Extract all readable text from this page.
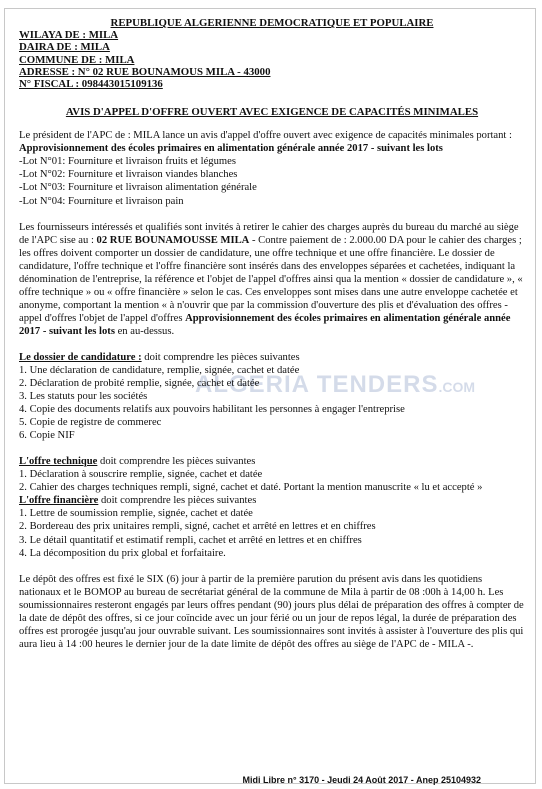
ALGERIA TENDERS.COM
REPUBLIQUE ALGERIENNE DEMOCRATIQUE ET POPULAIRE
WILAYA DE : MILA
DAIRA DE : MILA
COMMUNE DE : MILA
ADRESSE : N° 02 RUE BOUNAMOUS MILA - 43000
N° FISCAL : 098443015109136
AVIS D'APPEL D'OFFRE OUVERT AVEC EXIGENCE DE CAPACITÉS MINIMALES

Le président de l'APC de : MILA lance un avis d'appel d'offre ouvert avec exigence de capacités minimales portant : Approvisionnement des écoles primaires en alimentation générale année 2017 - suivant les lots

-Lot N°01: Fourniture et livraison fruits et légumes
-Lot N°02: Fourniture et livraison viandes blanches
-Lot N°03: Fourniture et livraison alimentation générale
-Lot N°04: Fourniture et livraison pain

Les fournisseurs intéressés et qualifiés sont invités à retirer le cahier des charges auprès du bureau du marché au siège de l'APC sise au : 02 RUE BOUNAMOUSSE MILA - Contre paiement de : 2.000.00 DA pour le cahier des charges ; les offres doivent comporter un dossier de candidature, une offre technique et une offre financière. Le dossier de candidature, l'offre technique et l'offre financière sont insérés dans des enveloppes séparées et cachetées, indiquant la dénomination de l'entreprise, la référence et l'objet de l'appel d'offres ainsi qua la mention « dossier de candidature », « offre technique » ou « offre financière » selon le cas. Ces enveloppes sont mises dans une autre enveloppe cachetée et anonyme, comportant la mention « à n'ouvrir que par la commission d'ouverture des plis et d'évaluation des offres - appel d'offres l'objet de l'appel d'offres Approvisionnement des écoles primaires en alimentation générale année 2017 - suivant les lots en au-dessus.

Le dossier de candidature : doit comprendre les pièces suivantes

1. Une déclaration de candidature, remplie, signée, cachet et datée
2. Déclaration de probité remplie, signée, cachet et datée
3. Les statuts pour les sociétés
4. Copie des documents relatifs aux pouvoirs habilitant les personnes à engager l'entreprise
5. Copie de registre de commerec
6. Copie NIF

L'offre technique doit comprendre les pièces suivantes

1. Déclaration à souscrire remplie, signée, cachet et datée
2. Cahier des charges techniques rempli, signé, cachet et daté. Portant la mention manuscrite « lu et accepté »

L'offre financière doit comprendre les pièces suivantes

1. Lettre de soumission remplie, signée, cachet et datée
2. Bordereau des prix unitaires rempli, signé, cachet et arrêté en lettres et en chiffres
3. Le détail quantitatif et estimatif rempli, cachet et arrêté en lettres et en chiffres
4. La décomposition du prix global et forfaitaire.

Le dépôt des offres est fixé le SIX (6) jour à partir de la première parution du présent avis dans les quotidiens nationaux et le BOMOP au bureau de secrétariat général de la commune de Mila à partir de 08 :00h à 14,00 h. Les soumissionnaires resteront engagés par leurs offres pendant (90) jours plus délai de préparation des offres à compter de la date de dépôt des offres, si ce jour coïncide avec un jour férié ou un jour de repos légal, la durée de préparation des offres est prorogée jusqu'au jour ouvrable suivant. Les soumissionnaires sont invités à assister à l'ouverture des plis qui aura lieu à 14 :00 heures le dernier jour de la date limite de dépôt des offres au siège de l'APC de - MILA -.

Midi Libre n° 3170 - Jeudi 24 Août 2017 - Anep 25104932
